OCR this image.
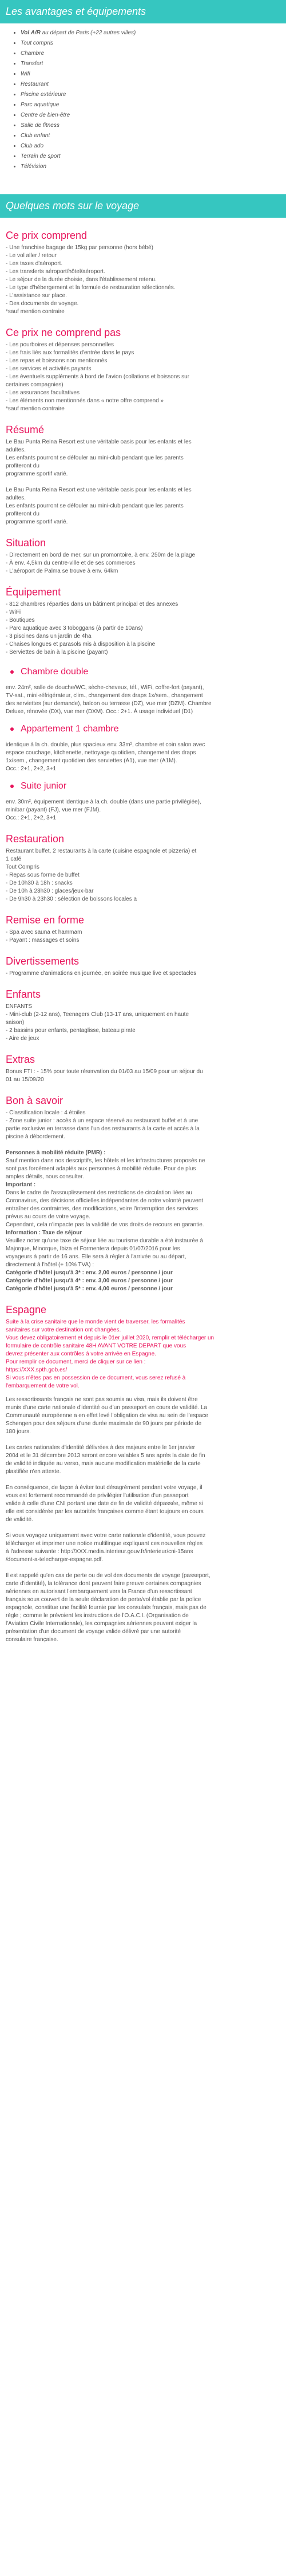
Les avantages et équipements
• Vol A/R au départ de Paris (+22 autres villes)
• Tout compris
• Chambre
• Transfert
• Wifi
• Restaurant
• Piscine extérieure
• Parc aquatique
• Centre de bien-être
• Salle de fitness
• Club enfant
• Club ado
• Terrain de sport
• Télévision
Quelques mots sur le voyage
Ce prix comprend

- Une franchise bagage de 15kg par personne (hors bébé)

- Le vol aller / retour

- Les taxes d'aéroport.

- Les transferts aéroport/hôtel/aéroport.

- Le séjour de la durée choisie, dans l'établissement retenu.

- Le type d'hébergement et la formule de restauration sélectionnés.

- L'assistance sur place.

- Des documents de voyage.

*sauf mention contraire

Ce prix ne comprend pas

- Les pourboires et dépenses personnelles

- Les frais liés aux formalités d'entrée dans le pays

- Les repas et boissons non mentionnés

- Les services et activités payants

- Les éventuels suppléments à bord de l'avion (collations et boissons sur

certaines compagnies)

- Les assurances facultatives

- Les éléments non mentionnés dans « notre offre comprend »

*sauf mention contraire

Résumé

Le Bau Punta Reina Resort est une véritable oasis pour les enfants et les

adultes.

Les enfants pourront se défouler au mini-club pendant que les parents

profiteront du

programme sportif varié.

Le Bau Punta Reina Resort est une véritable oasis pour les enfants et les

adultes.

Les enfants pourront se défouler au mini-club pendant que les parents

profiteront du

programme sportif varié.

Situation

- Directement en bord de mer, sur un promontoire, à env. 250m de la plage

- À env. 4,5km du centre-ville et de ses commerces

- L'aéroport de Palma se trouve à env. 64km

Équipement

- 812 chambres réparties dans un bâtiment principal et des annexes

- WiFi

- Boutiques

- Parc aquatique avec 3 toboggans (à partir de 10ans)

- 3 piscines dans un jardin de 4ha

- Chaises longues et parasols mis à disposition à la piscine

- Serviettes de bain à la piscine (payant)

Chambre double

env. 24m², salle de douche/WC, sèche-cheveux, tél., WiFi, coffre-fort (payant),

TV-sat., mini-réfrigérateur, clim., changement des draps 1x/sem., changement

des serviettes (sur demande), balcon ou terrasse (DZ), vue mer (DZM). Chambre

Deluxe, rénovée (DX), vue mer (DXM). Occ.: 2+1. À usage individuel (D1)

Appartement 1 chambre

identique à la ch. double, plus spacieux env. 33m², chambre et coin salon avec

espace couchage, kitchenette, nettoyage quotidien, changement des draps

1x/sem., changement quotidien des serviettes (A1), vue mer (A1M).

Occ.: 2+1, 2+2, 3+1

Suite junior

env. 30m², équipement identique à la ch. double (dans une partie privilégiée),

minibar (payant) (FJ), vue mer (FJM).

Occ.: 2+1, 2+2, 3+1

Restauration

Restaurant buffet, 2 restaurants à la carte (cuisine espagnole et pizzeria) et

1 café

Tout Compris

- Repas sous forme de buffet

- De 10h30 à 18h : snacks

- De 10h à 23h30 : glaces/jeux-bar

- De 9h30 à 23h30 : sélection de boissons locales a

Remise en forme

- Spa avec sauna et hammam

- Payant : massages et soins

Divertissements

- Programme d'animations en journée, en soirée musique live et spectacles

Enfants

ENFANTS

- Mini-club (2-12 ans), Teenagers Club (13-17 ans, uniquement en haute

saison)

- 2 bassins pour enfants, pentaglisse, bateau pirate

- Aire de jeux

Extras

Bonus FTI : - 15% pour toute réservation du 01/03 au 15/09 pour un séjour du

01 au 15/09/20

Bon à savoir

- Classification locale : 4 étoiles

- Zone suite junior : accès à un espace réservé au restaurant buffet et à une

partie exclusive en terrasse dans l'un des restaurants à la carte et accès à la

piscine à débordement.

Personnes à mobilité réduite (PMR) :

Sauf mention dans nos descriptifs, les hôtels et les infrastructures proposés ne

sont pas forcément adaptés aux personnes à mobilité réduite. Pour de plus

amples détails, nous consulter.

Important :

Dans le cadre de l'assouplissement des restrictions de circulation liées au

Coronavirus, des décisions officielles indépendantes de notre volonté peuvent

entraîner des contraintes, des modifications, voire l'interruption des services

prévus au cours de votre voyage.

Cependant, cela n'impacte pas la validité de vos droits de recours en garantie.

Information : Taxe de séjour

Veuillez noter qu'une taxe de séjour liée au tourisme durable a été instaurée à

Majorque, Minorque, Ibiza et Formentera depuis 01/07/2016 pour les

voyageurs à partir de 16 ans. Elle sera à régler à l'arrivée ou au départ,

directement à l'hôtel (+ 10% TVA) :

Catégorie d'hôtel jusqu'à 3* : env. 2,00 euros / personne / jour

Catégorie d'hôtel jusqu'à 4* : env. 3,00 euros / personne / jour

Catégorie d'hôtel jusqu'à 5* : env. 4,00 euros / personne / jour

Espagne

Suite à la crise sanitaire que le monde vient de traverser, les formalités

sanitaires sur votre destination ont changées.

Vous devez obligatoirement et depuis le 01er juillet 2020, remplir et télécharger un

formulaire de contrôle sanitaire 48H AVANT VOTRE DEPART que vous

devrez présenter aux contrôles à votre arrivée en Espagne.

Pour remplir ce document, merci de cliquer sur ce lien :

https://XXX.spth.gob.es/

Si vous n'êtes pas en possession de ce document, vous serez refusé à

l'embarquement de votre vol.

Les ressortissants français ne sont pas soumis au visa, mais ils doivent être

munis d'une carte nationale d'identité ou d'un passeport en cours de validité. La

Communauté européenne a en effet levé l'obligation de visa au sein de l'espace

Schengen pour des séjours d'une durée maximale de 90 jours par période de

180 jours.

Les cartes nationales d'identité délivrées à des majeurs entre le 1er janvier

2004 et le 31 décembre 2013 seront encore valables 5 ans après la date de fin

de validité indiquée au verso, mais aucune modification matérielle de la carte

plastifiée n'en atteste.

En conséquence, de façon à éviter tout désagrément pendant votre voyage, il

vous est fortement recommandé de privilégier l'utilisation d'un passeport

valide à celle d'une CNI portant une date de fin de validité dépassée, même si

elle est considérée par les autorités françaises comme étant toujours en cours

de validité.

Si vous voyagez uniquement avec votre carte nationale d'identité, vous pouvez

télécharger et imprimer une notice multilingue expliquant ces nouvelles règles

à l'adresse suivante : http://XXX.media.interieur.gouv.fr/interieur/cni-15ans

/document-a-telecharger-espagne.pdf.

Il est rappelé qu'en cas de perte ou de vol des documents de voyage (passeport,

carte d'identité), la tolérance dont peuvent faire preuve certaines compagnies

aériennes en autorisant l'embarquement vers la France d'un ressortissant

français sous couvert de la seule déclaration de perte/vol établie par la police

espagnole, constitue une facilité fournie par les consulats français, mais pas de

règle ; comme le prévoient les instructions de l'O.A.C.I. (Organisation de

l'Aviation Civile Internationale), les compagnies aériennes peuvent exiger la

présentation d'un document de voyage valide délivré par une autorité

consulaire française.
